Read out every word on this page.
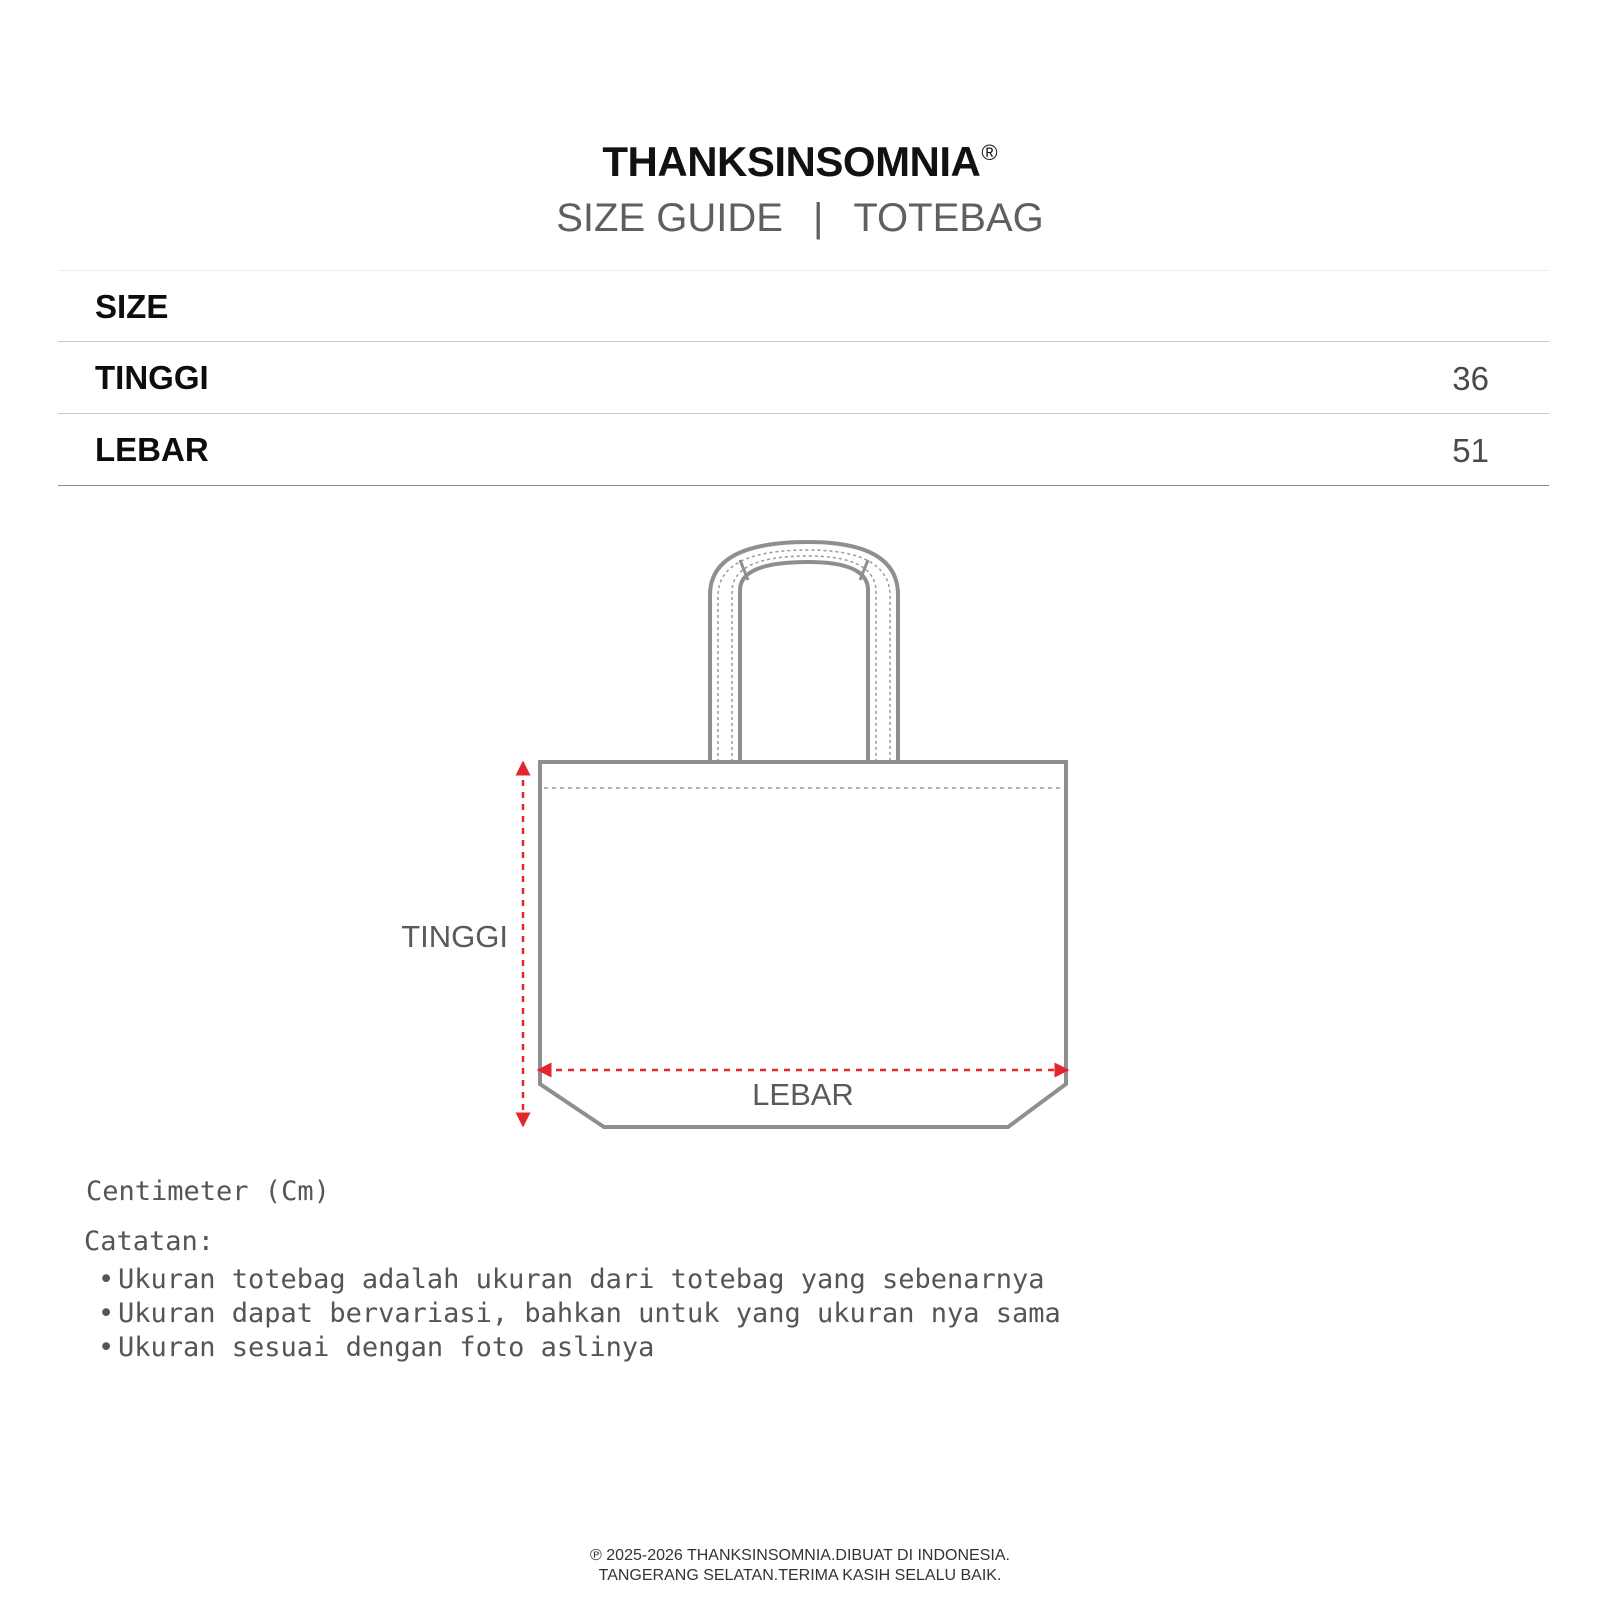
THANKSINSOMNIA®
SIZE GUIDE | TOTEBAG
SIZE
TINGGI	36
LEBAR	51
TINGGI
LEBAR
Centimeter (Cm)
Catatan:
• Ukuran totebag adalah ukuran dari totebag yang sebenarnya
• Ukuran dapat bervariasi, bahkan untuk yang ukuran nya sama
• Ukuran sesuai dengan foto aslinya
℗ 2025-2026 THANKSINSOMNIA.DIBUAT DI INDONESIA.
TANGERANG SELATAN.TERIMA KASIH SELALU BAIK.
